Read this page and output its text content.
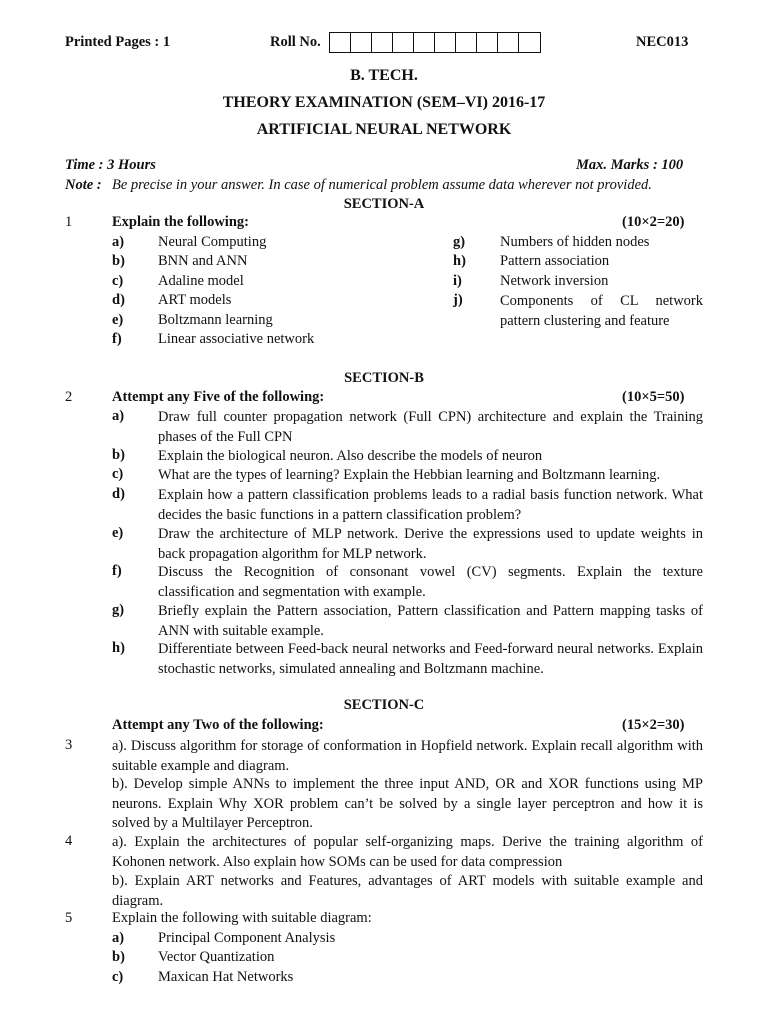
Printed Pages : 1	Roll No.	NEC013
B. TECH.
THEORY EXAMINATION (SEM–VI) 2016-17
ARTIFICIAL NEURAL NETWORK
Time : 3 Hours	Max. Marks : 100
Note : Be precise in your answer. In case of numerical problem assume data wherever not provided.
SECTION-A
1	Explain the following:	(10×2=20)
a) Neural Computing
b) BNN and ANN
c) Adaline model
d) ART models
e) Boltzmann learning
f)	Linear associative network
g) Numbers of hidden nodes
h) Pattern association
i)	Network inversion
j)	Components of CL network pattern clustering and feature
SECTION-B
2	Attempt any Five of the following:	(10×5=50)
a) Draw full counter propagation network (Full CPN) architecture and explain the Training phases of the Full CPN
b) Explain the biological neuron. Also describe the models of neuron
c) What are the types of learning? Explain the Hebbian learning and Boltzmann learning.
d) Explain how a pattern classification problems leads to a radial basis function network. What decides the basic functions in a pattern classification problem?
e) Draw the architecture of MLP network. Derive the expressions used to update weights in back propagation algorithm for MLP network.
f)	Discuss the Recognition of consonant vowel (CV) segments. Explain the texture classification and segmentation with example.
g) Briefly explain the Pattern association, Pattern classification and Pattern mapping tasks of ANN with suitable example.
h) Differentiate between Feed-back neural networks and Feed-forward neural networks. Explain stochastic networks, simulated annealing and Boltzmann machine.
SECTION-C
Attempt any Two of the following:	(15×2=30)
3	a). Discuss algorithm for storage of conformation in Hopfield network. Explain recall algorithm with suitable example and diagram.
b). Develop simple ANNs to implement the three input AND, OR and XOR functions using MP neurons. Explain Why XOR problem can’t be solved by a single layer perceptron and how it is solved by a Multilayer Perceptron.
4	a). Explain the architectures of popular self-organizing maps. Derive the training algorithm of Kohonen network. Also explain how SOMs can be used for data compression
b). Explain ART networks and Features, advantages of ART models with suitable example and diagram.
5	Explain the following with suitable diagram:
a) Principal Component Analysis
b) Vector Quantization
c) Maxican Hat Networks
